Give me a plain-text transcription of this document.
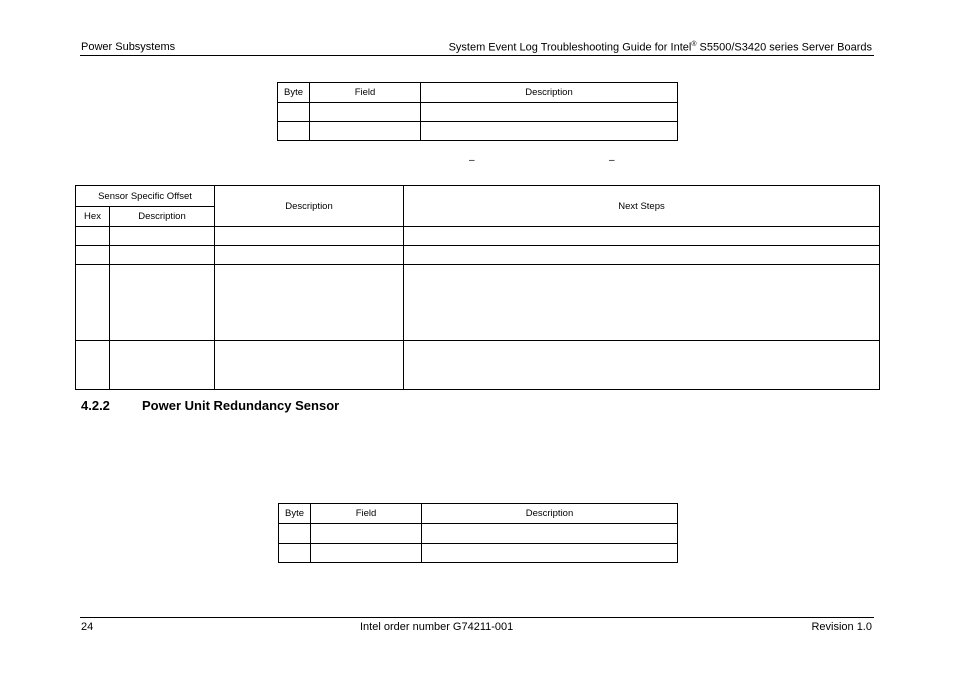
Power Subsystems	System Event Log Troubleshooting Guide for Intel® S5500/S3420 series Server Boards
Byte	Field	Description

–	–
Sensor Specific Offset		Description	Next Steps
Hex	Description		

4.2.2 Power Unit Redundancy Sensor
Byte	Field	Description

24	Intel order number G74211-001	Revision 1.0
